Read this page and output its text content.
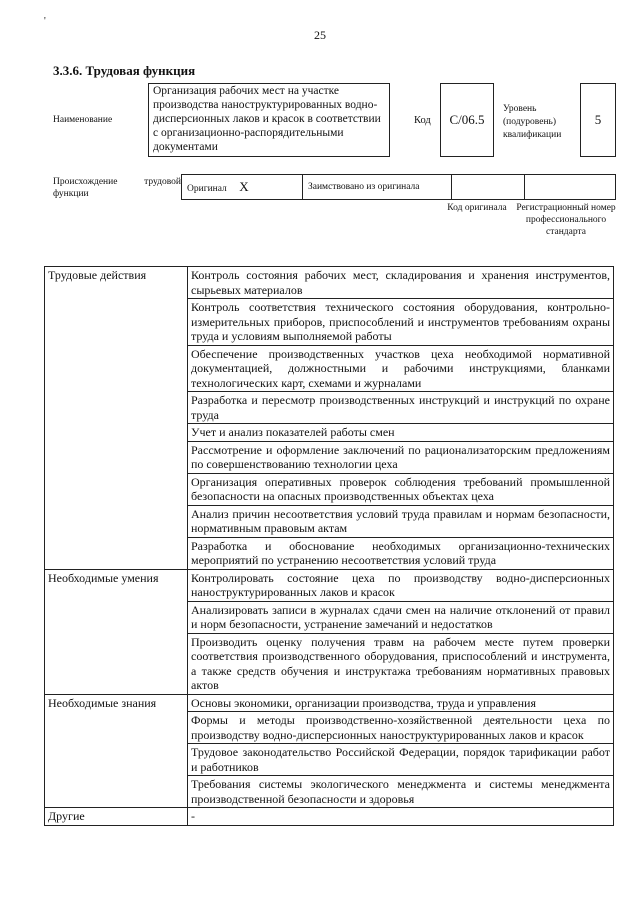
'
25
3.3.6. Трудовая функция
Наименование
Организация рабочих мест на участке производства наноструктурированных водно-дисперсионных лаков и красок в соответствии с организационно-распорядительными документами
Код	С/06.5
Уровень (подуровень) квалификации
5
Происхождение трудовой функции	Оригинал Х	Заимствовано из оригинала		
Код оригинала	Регистрационный номер профессионального стандарта
Трудовые действия	Контроль состояния рабочих мест, складирования и хранения инструментов, сырьевых материалов
	Контроль соответствия технического состояния оборудования, контрольно-измерительных приборов, приспособлений и инструментов требованиям охраны труда и условиям выполняемой работы
	Обеспечение производственных участков цеха необходимой нормативной документацией, должностными и рабочими инструкциями, бланками технологических карт, схемами и журналами
	Разработка и пересмотр производственных инструкций и инструкций по охране труда
	Учет и анализ показателей работы смен
	Рассмотрение и оформление заключений по рационализаторским предложениям по совершенствованию технологии цеха
	Организация оперативных проверок соблюдения требований промышленной безопасности на опасных производственных объектах цеха
	Анализ причин несоответствия условий труда правилам и нормам безопасности, нормативным правовым актам
	Разработка и обоснование необходимых организационно-технических мероприятий по устранению несоответствия условий труда
Необходимые умения	Контролировать состояние цеха по производству водно-дисперсионных наноструктурированных лаков и красок
	Анализировать записи в журналах сдачи смен на наличие отклонений от правил и норм безопасности, устранение замечаний и недостатков
	Производить оценку получения травм на рабочем месте путем проверки соответствия производственного оборудования, приспособлений и инструмента, а также средств обучения и инструктажа требованиям нормативных правовых актов
Необходимые знания	Основы экономики, организации производства, труда и управления
	Формы и методы производственно-хозяйственной деятельности цеха по производству водно-дисперсионных наноструктурированных лаков и красок
	Трудовое законодательство Российской Федерации, порядок тарификации работ и работников
	Требования системы экологического менеджмента и системы менеджмента производственной безопасности и здоровья
Другие	-
